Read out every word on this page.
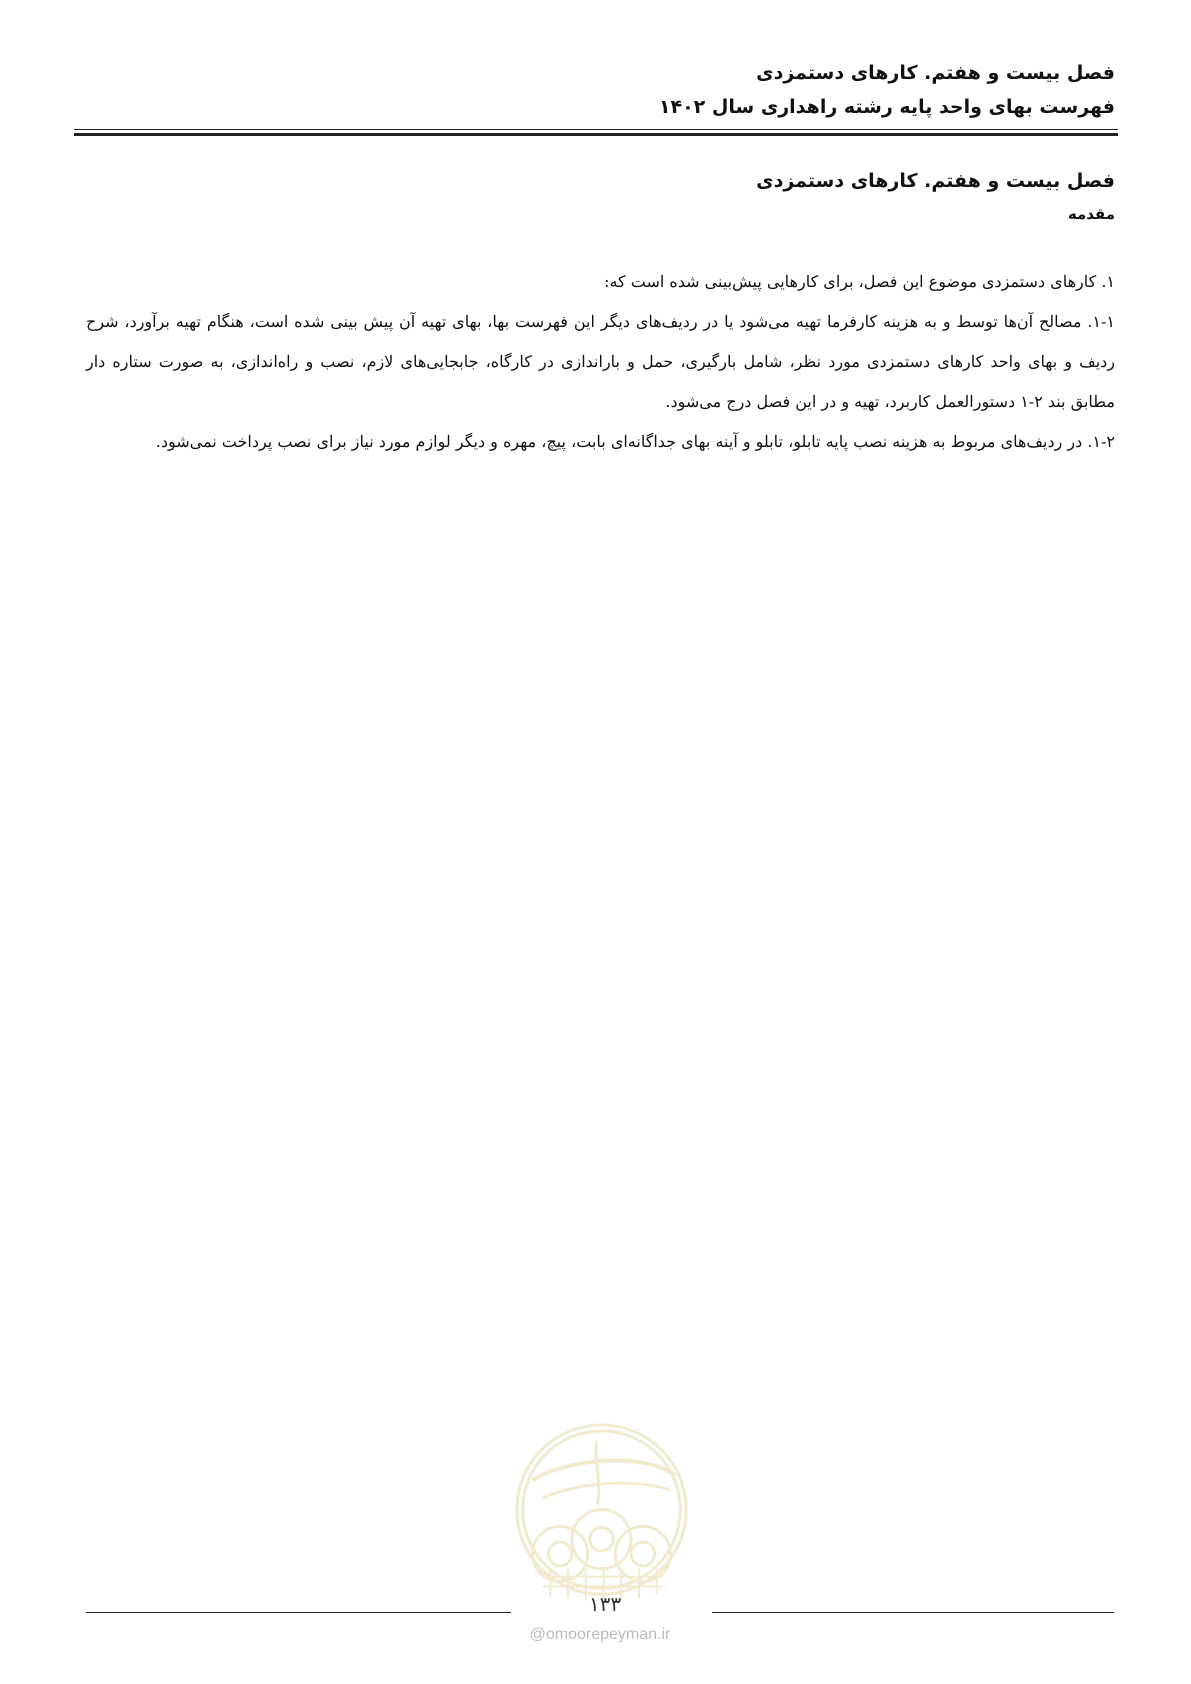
فصل بیست و هفتم. کارهای دستمزدی
فهرست بهای واحد پایه رشته راهداری سال ۱۴۰۲
فصل بیست و هفتم. کارهای دستمزدی
مقدمه

۱. کارهای دستمزدی موضوع این فصل، برای کارهایی پیش‌بینی شده است که:

۱-۱. مصالح آن‌ها توسط و به هزینه کارفرما تهیه می‌شود یا در ردیف‌های دیگر این فهرست بها، بهای تهیه آن پیش بینی شده است، هنگام تهیه برآورد، شرح ردیف و بهای واحد کارهای دستمزدی مورد نظر، شامل بارگیری، حمل و باراندازی در کارگاه، جابجایی‌های لازم، نصب و راه‌اندازی، به صورت ستاره دار مطابق بند ۲-۱ دستورالعمل کاربرد، تهیه و در این فصل درج می‌شود.

۱-۲. در ردیف‌های مربوط به هزینه نصب پایه تابلو، تابلو و آینه بهای جداگانه‌ای بابت، پیچ، مهره و دیگر لوازم مورد نیاز برای نصب پرداخت نمی‌شود.

۱۳۳
@omoorepeyman.ir
